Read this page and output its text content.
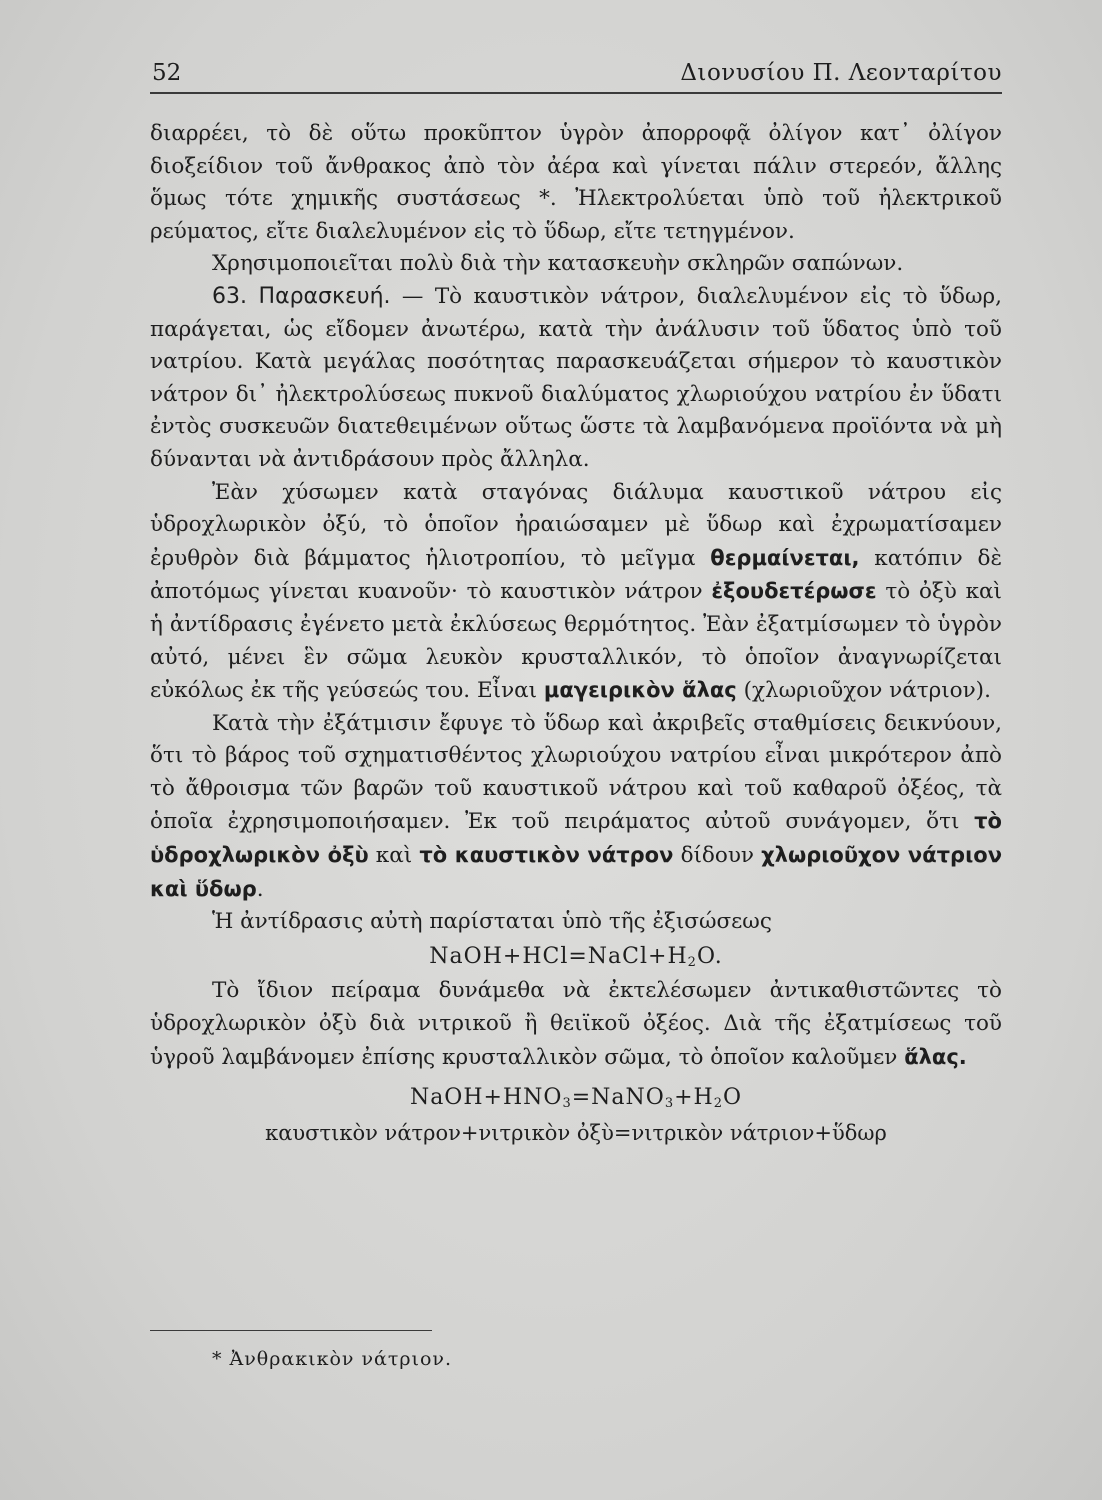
52	Διονυσίου Π. Λεονταρίτου

διαρρέει, τὸ δὲ οὕτω προκῦπτον ὑγρὸν ἀπορροφᾷ ὀλίγον κατ᾽ ὀλίγον διοξείδιον τοῦ ἄνθρακος ἀπὸ τὸν ἀέρα καὶ γίνεται πάλιν στερεόν, ἄλλης ὅμως τότε χημικῆς συστάσεως *. Ἠλεκτρολύεται ὑπὸ τοῦ ἠλεκτρικοῦ ρεύματος, εἴτε διαλελυμένον εἰς τὸ ὕδωρ, εἴτε τετηγμένον.

Χρησιμοποιεῖται πολὺ διὰ τὴν κατασκευὴν σκληρῶν σαπώνων.

63. Παρασκευή. — Τὸ καυστικὸν νάτρον, διαλελυμένον εἰς τὸ ὕδωρ, παράγεται, ὡς εἴδομεν ἀνωτέρω, κατὰ τὴν ἀνάλυσιν τοῦ ὕδατος ὑπὸ τοῦ νατρίου. Κατὰ μεγάλας ποσότητας παρασκευάζεται σήμερον τὸ καυστικὸν νάτρον δι᾽ ἠλεκτρολύσεως πυκνοῦ διαλύματος χλωριούχου νατρίου ἐν ὕδατι ἐντὸς συσκευῶν διατεθειμένων οὕτως ὥστε τὰ λαμβανόμενα προϊόντα νὰ μὴ δύνανται νὰ ἀντιδράσουν πρὸς ἄλληλα.

Ἐὰν χύσωμεν κατὰ σταγόνας διάλυμα καυστικοῦ νάτρου εἰς ὑδροχλωρικὸν ὀξύ, τὸ ὁποῖον ἠραιώσαμεν μὲ ὕδωρ καὶ ἐχρωματίσαμεν ἐρυθρὸν διὰ βάμματος ἡλιοτροπίου, τὸ μεῖγμα θερμαίνεται, κατόπιν δὲ ἀποτόμως γίνεται κυανοῦν· τὸ καυστικὸν νάτρον ἐξουδετέρωσε τὸ ὀξὺ καὶ ἡ ἀντίδρασις ἐγένετο μετὰ ἐκλύσεως θερμότητος. Ἐὰν ἐξατμίσωμεν τὸ ὑγρὸν αὐτό, μένει ἓν σῶμα λευκὸν κρυσταλλικόν, τὸ ὁποῖον ἀναγνωρίζεται εὐκόλως ἐκ τῆς γεύσεώς του. Εἶναι μαγειρικὸν ἅλας (χλωριοῦχον νάτριον).

Κατὰ τὴν ἐξάτμισιν ἔφυγε τὸ ὕδωρ καὶ ἀκριβεῖς σταθμίσεις δεικνύουν, ὅτι τὸ βάρος τοῦ σχηματισθέντος χλωριούχου νατρίου εἶναι μικρότερον ἀπὸ τὸ ἄθροισμα τῶν βαρῶν τοῦ καυστικοῦ νάτρου καὶ τοῦ καθαροῦ ὀξέος, τὰ ὁποῖα ἐχρησιμοποιήσαμεν. Ἐκ τοῦ πειράματος αὐτοῦ συνάγομεν, ὅτι τὸ ὑδροχλωρικὸν ὀξὺ καὶ τὸ καυστικὸν νάτρον δίδουν χλωριοῦχον νάτριον καὶ ὕδωρ.

Ἡ ἀντίδρασις αὐτὴ παρίσταται ὑπὸ τῆς ἐξισώσεως

$NaOH+HCl=NaCl+H_2O$.

Τὸ ἴδιον πείραμα δυνάμεθα νὰ ἐκτελέσωμεν ἀντικαθιστῶντες τὸ ὑδροχλωρικὸν ὀξὺ διὰ νιτρικοῦ ἢ θειϊκοῦ ὀξέος. Διὰ τῆς ἐξατμίσεως τοῦ ὑγροῦ λαμβάνομεν ἐπίσης κρυσταλλικὸν σῶμα, τὸ ὁποῖον καλοῦμεν ἅλας.

$NaOH+HNO_3=NaNO_3+H_2O$

καυστικὸν νάτρον+νιτρικὸν ὀξὺ=νιτρικὸν νάτριον+ὕδωρ

* Ἀνθρακικὸν νάτριον.
